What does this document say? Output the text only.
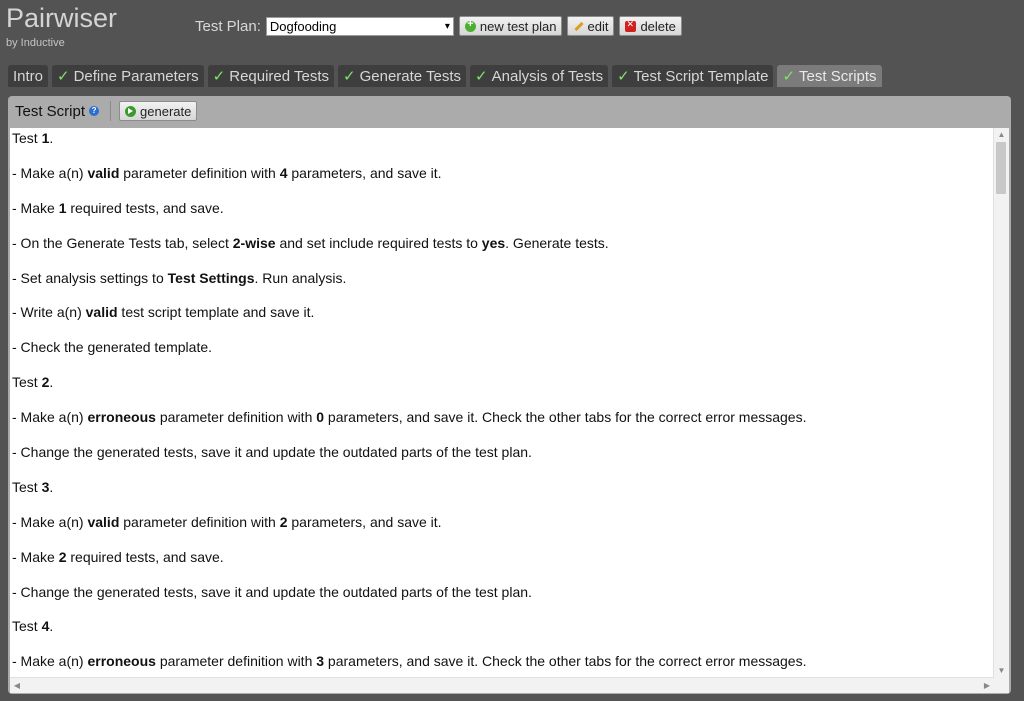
Pairwiser
by Inductive
Test Plan: Dogfooding	▾ + new test plan edit ✕ delete
Intro ✓ Define Parameters ✓ Required Tests ✓ Generate Tests ✓ Analysis of Tests ✓ Test Script Template ✓ Test Scripts
Test Script ?	generate
Test 1.
- Make a(n) valid parameter definition with 4 parameters, and save it.
- Make 1 required tests, and save.
- On the Generate Tests tab, select 2-wise and set include required tests to yes. Generate tests.
- Set analysis settings to Test Settings. Run analysis.
- Write a(n) valid test script template and save it.
- Check the generated template.
Test 2.
- Make a(n) erroneous parameter definition with 0 parameters, and save it. Check the other tabs for the correct error messages.
- Change the generated tests, save it and update the outdated parts of the test plan.
Test 3.
- Make a(n) valid parameter definition with 2 parameters, and save it.
- Make 2 required tests, and save.
- Change the generated tests, save it and update the outdated parts of the test plan.
Test 4.
- Make a(n) erroneous parameter definition with 3 parameters, and save it. Check the other tabs for the correct error messages.
▲
▼
◀	▶
